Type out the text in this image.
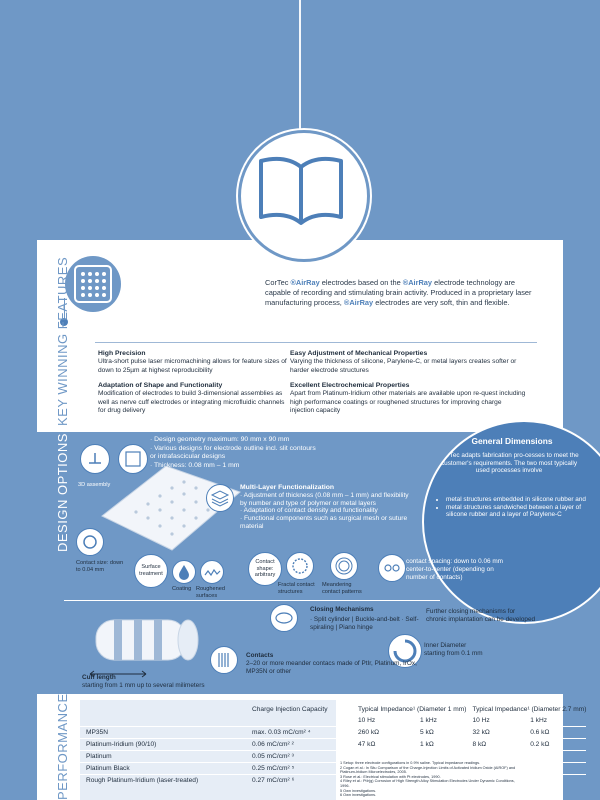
CorTec ®AirRay electrodes based on the ®AirRay electrode technology are capable of recording and stimulating brain activity. Produced in a proprietary laser manufacturing process, ®AirRay electrodes are very soft, thin and flexible.
KEY WINNING FEATURES	High Precision
Ultra-short pulse laser micromachining allows for feature sizes of down to 25µm at highest reproducibility
Easy Adjustment of Mechanical Properties
Varying the thickness of silicone, Parylene-C, or metal layers creates softer or harder electrode structures
Adaptation of Shape and Functionality
Modification of electrodes to build 3-dimensional assemblies as well as nerve cuff electrodes or integrating microfluidic channels for drug delivery
Excellent Electrochemical Properties
Apart from Platinum-Iridium other materials are available upon re-quest including high performance coatings or roughened structures for improving charge injection capacity
DESIGN OPTIONS	· Design geometry maximum: 90 mm x 90 mm
· Various designs for electrode outline incl. slit contours
or intrafascicular designs
· Thickness: 0.08 mm – 1 mm
3D assembly	Multi-Layer Functionalization
· Adjustment of thickness (0.08 mm – 1 mm) and flexibility by number and type of polymer or metal layers
· Adaptation of contact density and functionality
· Functional components such as surgical mesh or suture material
General Dimensions
CorTec adapts fabrication pro-cesses to meet the customer's requirements. The two most typically used processes involve
• metal structures embedded in silicone rubber and
• metal structures sandwiched between a layer of silicone rubber and a layer of Parylene-C
Contact size: down to 0.04 mm	Surface treatment
Coating Roughened surfaces
Contact shape: arbitrary
Fractal contact structures
Meandering contact patterns
contact spacing: down to 0.06 mm center-to-center (depending on number of contacts)
Cuff length
starting from 1 mm up to several milimeters
Closing Mechanisms
· Split cylinder | Buckle-and-belt · Self-spiraling | Piano hinge
Further closing mechanisms for chronic implantation can be developed
Inner Diameter
starting from 0.1 mm
Contacts
2–20 or more meander contacs made of PtIr, Platinum, IrOx, MP35N or other
PERFORMANCE
		Charge Injection Capacity	Typical Impedance¹ (Diameter 1 mm)		Typical Impedance¹ (Diameter 2.7 mm)	
		10 Hz	1 kHz	10 Hz	1 kHz
MP35N	max. 0.03 mC/cm² ⁴	260 kΩ	5 kΩ	32 kΩ	0.6 kΩ
Platinum-Iridium (90/10)	0.06 mC/cm² ²	47 kΩ	1 kΩ	8 kΩ	0.2 kΩ
Platinum	0.05 mC/cm² ³				
Platinum Black	0.25 mC/cm² ⁵				
Rough Platinum-Iridium (laser-treated)	0.27 mC/cm² ⁶				
1 Setup: three electrode configurations in 0.9% saline. Typical impedance readings.
2 Cogan et al.: In Situ Comparison of the Charge-Injection Limits of Activated Iridium Oxide (AIROF) and Platinum-Iridium Microelectrodes, 2005.
3 Rose et al.: Electrical stimulation with Pt electrodes, 1990.
4 Riley et al.: PtIr(g) Corrosion of High Strength Alloy Stimulation Electrodes Under Dynamic Conditions, 1996.
5 Own investigations.
6 Own investigations.
